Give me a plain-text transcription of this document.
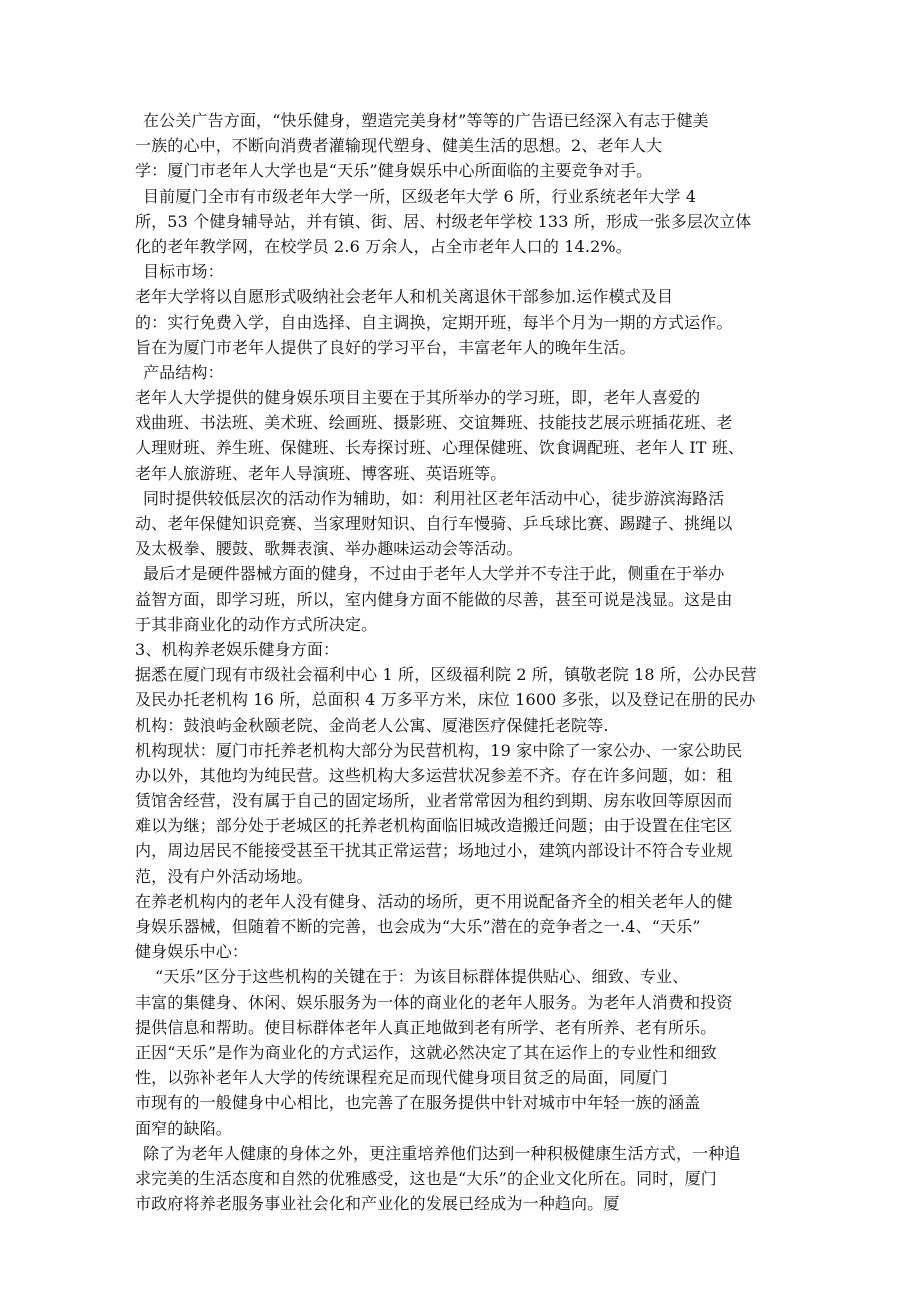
在公关广告方面，“快乐健身，塑造完美身材”等等的广告语已经深入有志于健美
一族的心中，不断向消费者灌输现代塑身、健美生活的思想。2、老年人大
学：厦门市老年人大学也是“天乐”健身娱乐中心所面临的主要竞争对手。
目前厦门全市有市级老年大学一所，区级老年大学 6 所，行业系统老年大学 4
所，53 个健身辅导站，并有镇、街、居、村级老年学校 133 所，形成一张多层次立体
化的老年教学网，在校学员 2.6 万余人，占全市老年人口的 14.2%。
目标市场：
老年大学将以自愿形式吸纳社会老年人和机关离退休干部参加.运作模式及目
的：实行免费入学，自由选择、自主调换，定期开班，每半个月为一期的方式运作。
旨在为厦门市老年人提供了良好的学习平台，丰富老年人的晚年生活。
产品结构：
老年人大学提供的健身娱乐项目主要在于其所举办的学习班，即，老年人喜爱的
戏曲班、书法班、美术班、绘画班、摄影班、交谊舞班、技能技艺展示班插花班、老
人理财班、养生班、保健班、长寿探讨班、心理保健班、饮食调配班、老年人 IT 班、
老年人旅游班、老年人导演班、博客班、英语班等。
同时提供较低层次的活动作为辅助，如：利用社区老年活动中心，徒步游滨海路活
动、老年保健知识竞赛、当家理财知识、自行车慢骑、乒乓球比赛、踢踺子、挑绳以
及太极拳、腰鼓、歌舞表演、举办趣味运动会等活动。
最后才是硬件器械方面的健身，不过由于老年人大学并不专注于此，侧重在于举办
益智方面，即学习班，所以，室内健身方面不能做的尽善，甚至可说是浅显。这是由
于其非商业化的动作方式所决定。
3、机构养老娱乐健身方面：
据悉在厦门现有市级社会福利中心 1 所，区级福利院 2 所，镇敬老院 18 所，公办民营
及民办托老机构 16 所，总面积 4 万多平方米，床位 1600 多张，以及登记在册的民办
机构：鼓浪屿金秋颐老院、金尚老人公寓、厦港医疗保健托老院等.
机构现状：厦门市托养老机构大部分为民营机构，19 家中除了一家公办、一家公助民
办以外，其他均为纯民营。这些机构大多运营状况参差不齐。存在许多问题，如：租
赁馆舍经营，没有属于自己的固定场所，业者常常因为租约到期、房东收回等原因而
难以为继；部分处于老城区的托养老机构面临旧城改造搬迁问题；由于设置在住宅区
内，周边居民不能接受甚至干扰其正常运营；场地过小，建筑内部设计不符合专业规
范，没有户外活动场地。
在养老机构内的老年人没有健身、活动的场所，更不用说配备齐全的相关老年人的健
身娱乐器械，但随着不断的完善，也会成为“大乐”潜在的竞争者之一.4、“天乐”
健身娱乐中心：
“天乐”区分于这些机构的关键在于：为该目标群体提供贴心、细致、专业、
丰富的集健身、休闲、娱乐服务为一体的商业化的老年人服务。为老年人消费和投资
提供信息和帮助。使目标群体老年人真正地做到老有所学、老有所养、老有所乐。
正因“天乐”是作为商业化的方式运作，这就必然决定了其在运作上的专业性和细致
性，以弥补老年人大学的传统课程充足而现代健身项目贫乏的局面，同厦门
市现有的一般健身中心相比，也完善了在服务提供中针对城市中年轻一族的涵盖
面窄的缺陷。
除了为老年人健康的身体之外，更注重培养他们达到一种积极健康生活方式，一种追
求完美的生活态度和自然的优雅感受，这也是“大乐”的企业文化所在。同时，厦门
市政府将养老服务事业社会化和产业化的发展已经成为一种趋向。厦
